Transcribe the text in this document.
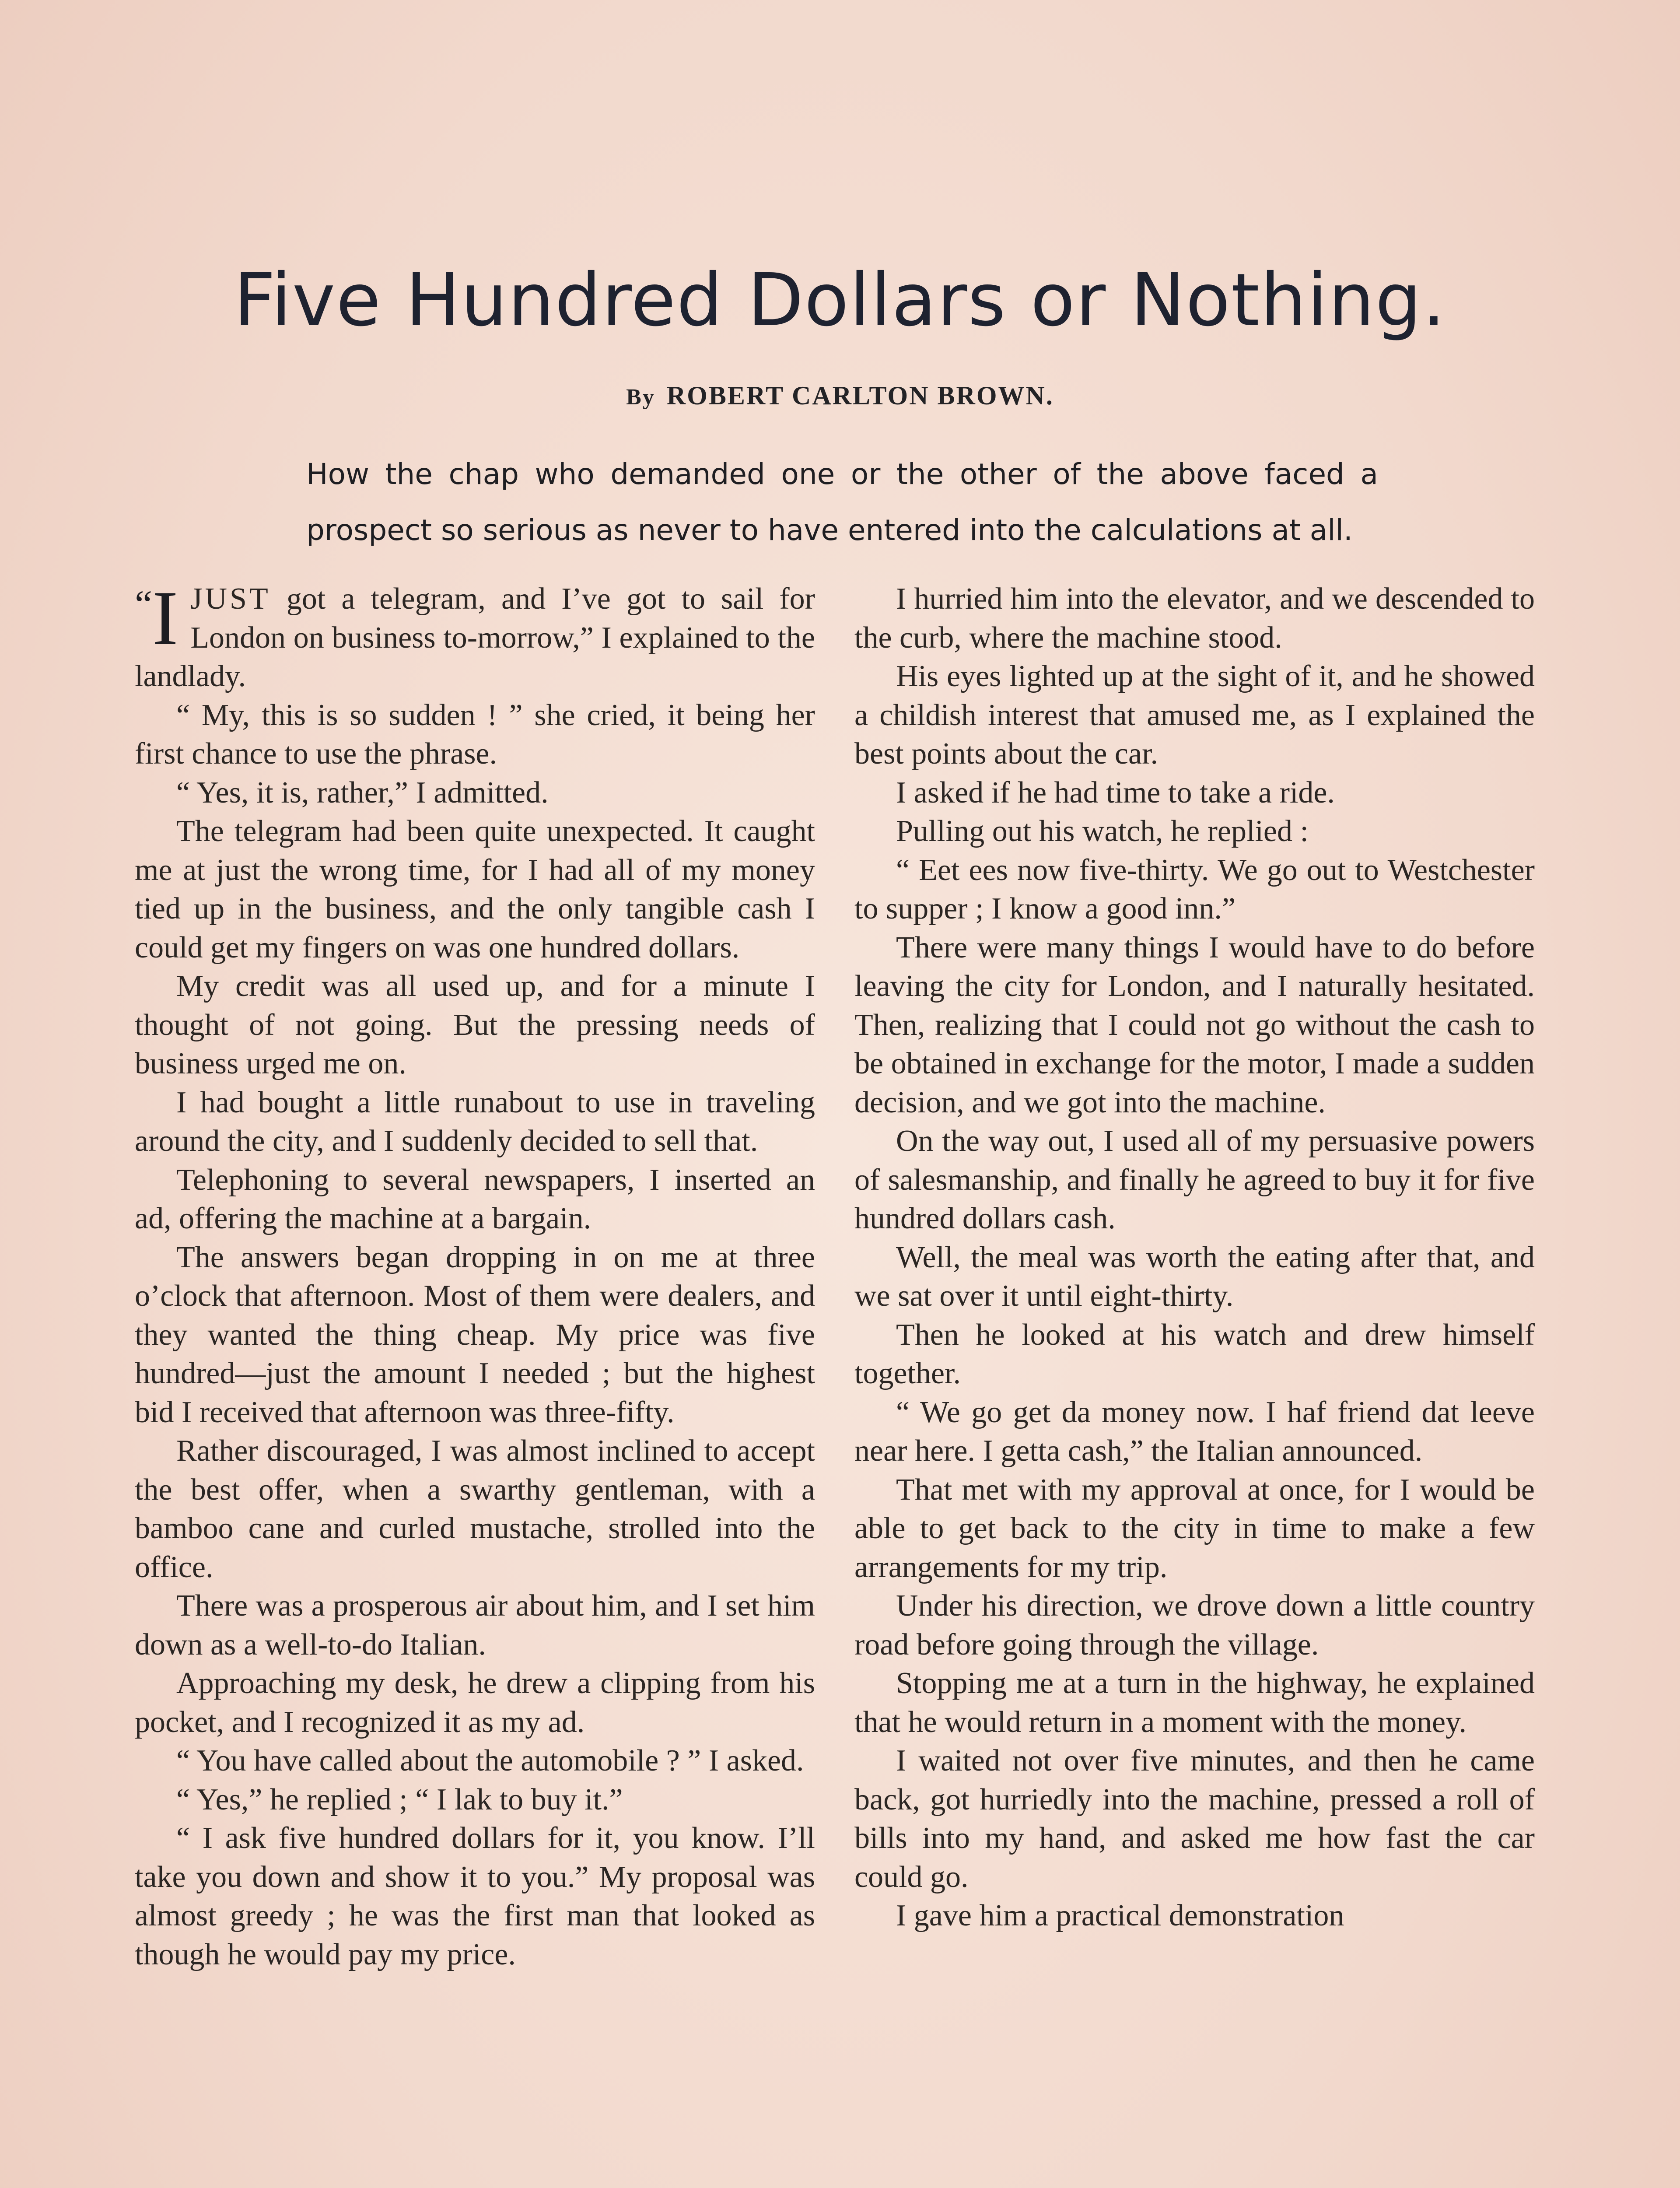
Five Hundred Dollars or Nothing.
By ROBERT CARLTON BROWN.
How the chap who demanded one or the other of the above faced a prospect so serious as never to have entered into the calculations at all.

“I JUST got a telegram, and I’ve got to sail for London on business to-morrow,” I explained to the landlady.

“ My, this is so sudden ! ” she cried, it being her first chance to use the phrase.

“ Yes, it is, rather,” I admitted.

The telegram had been quite unexpected. It caught me at just the wrong time, for I had all of my money tied up in the business, and the only tangible cash I could get my fingers on was one hundred dollars.

My credit was all used up, and for a minute I thought of not going. But the pressing needs of business urged me on.

I had bought a little runabout to use in traveling around the city, and I suddenly decided to sell that.

Telephoning to several newspapers, I inserted an ad, offering the machine at a bargain.

The answers began dropping in on me at three o’clock that afternoon. Most of them were dealers, and they wanted the thing cheap. My price was five hundred—just the amount I needed ; but the highest bid I received that afternoon was three-fifty.

Rather discouraged, I was almost inclined to accept the best offer, when a swarthy gentleman, with a bamboo cane and curled mustache, strolled into the office.

There was a prosperous air about him, and I set him down as a well-to-do Italian.

Approaching my desk, he drew a clipping from his pocket, and I recognized it as my ad.

“ You have called about the automobile ? ” I asked.

“ Yes,” he replied ; “ I lak to buy it.”

“ I ask five hundred dollars for it, you know. I’ll take you down and show it to you.” My proposal was almost greedy ; he was the first man that looked as though he would pay my price.

I hurried him into the elevator, and we descended to the curb, where the machine stood.

His eyes lighted up at the sight of it, and he showed a childish interest that amused me, as I explained the best points about the car.

I asked if he had time to take a ride.

Pulling out his watch, he replied :

“ Eet ees now five-thirty. We go out to Westchester to supper ; I know a good inn.”

There were many things I would have to do before leaving the city for London, and I naturally hesitated. Then, realizing that I could not go without the cash to be obtained in exchange for the motor, I made a sudden decision, and we got into the machine.

On the way out, I used all of my persuasive powers of salesmanship, and finally he agreed to buy it for five hundred dollars cash.

Well, the meal was worth the eating after that, and we sat over it until eight-thirty.

Then he looked at his watch and drew himself together.

“ We go get da money now. I haf friend dat leeve near here. I getta cash,” the Italian announced.

That met with my approval at once, for I would be able to get back to the city in time to make a few arrangements for my trip.

Under his direction, we drove down a little country road before going through the village.

Stopping me at a turn in the highway, he explained that he would return in a moment with the money.

I waited not over five minutes, and then he came back, got hurriedly into the machine, pressed a roll of bills into my hand, and asked me how fast the car could go.

I gave him a practical demonstration
